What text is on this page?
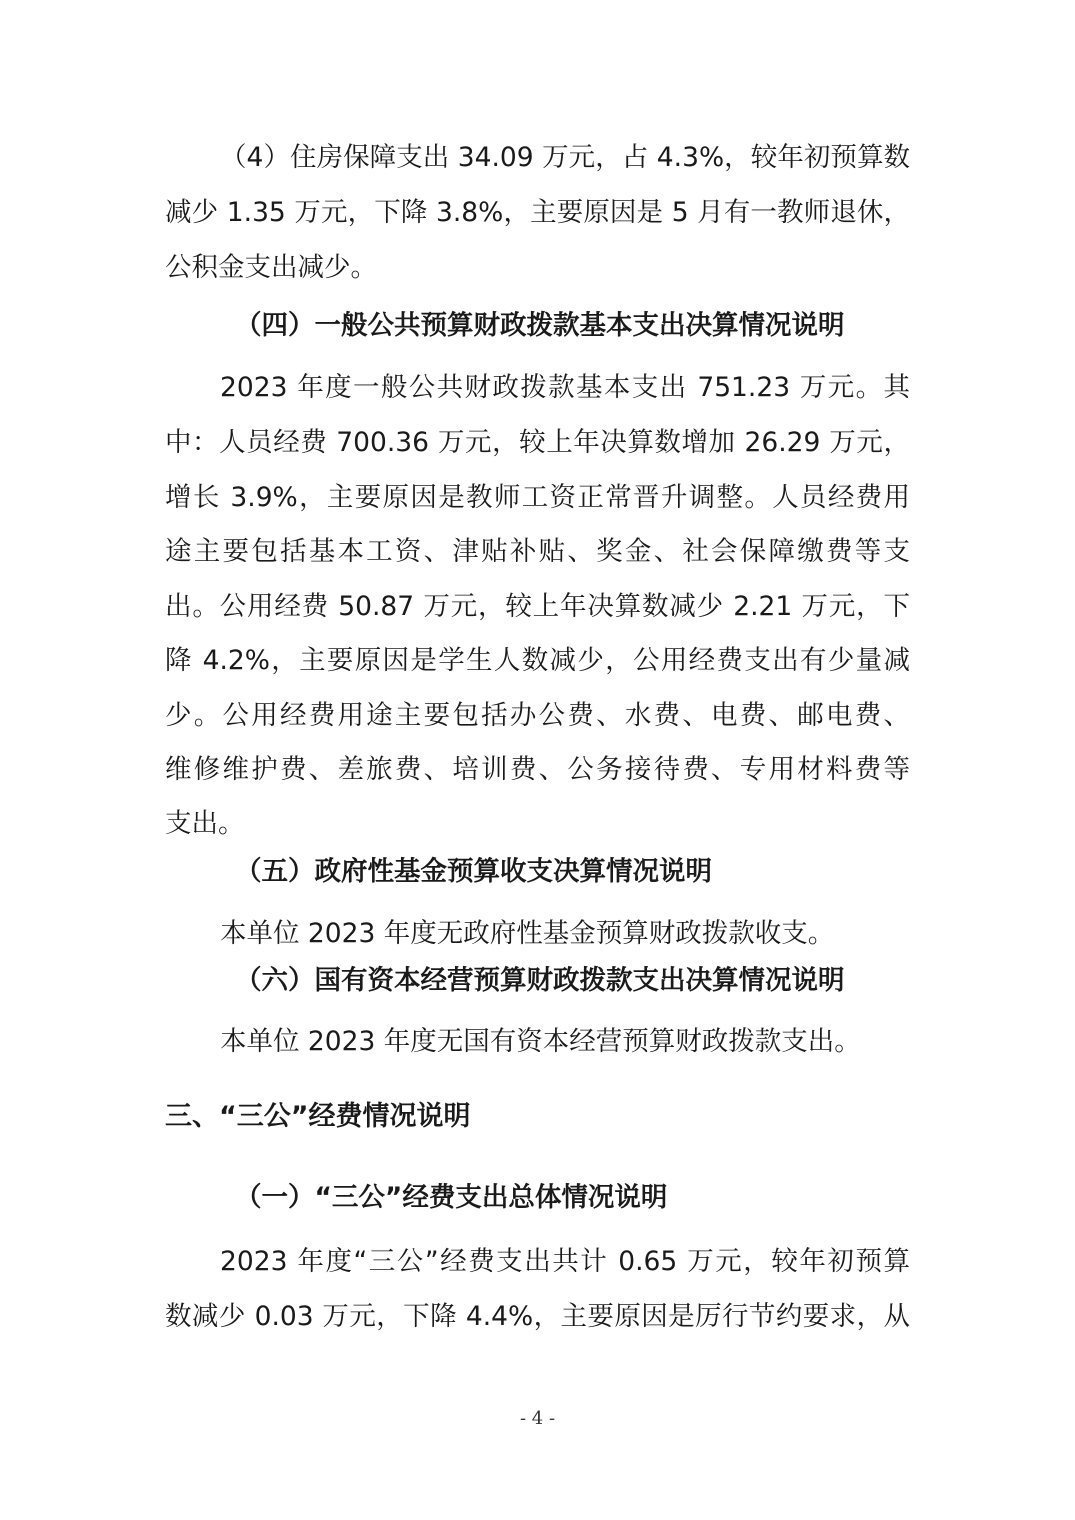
（4）住房保障支出 34.09 万元，占 4.3%，较年初预算数
减少 1.35 万元，下降 3.8%，主要原因是 5 月有一教师退休，
公积金支出减少。
（四）一般公共预算财政拨款基本支出决算情况说明
2023 年度一般公共财政拨款基本支出 751.23 万元。其
中：人员经费 700.36 万元，较上年决算数增加 26.29 万元，
增长 3.9%，主要原因是教师工资正常晋升调整。人员经费用
途主要包括基本工资、津贴补贴、奖金、社会保障缴费等支
出。公用经费 50.87 万元，较上年决算数减少 2.21 万元，下
降 4.2%，主要原因是学生人数减少，公用经费支出有少量减
少。公用经费用途主要包括办公费、水费、电费、邮电费、
维修维护费、差旅费、培训费、公务接待费、专用材料费等
支出。
（五）政府性基金预算收支决算情况说明
本单位 2023 年度无政府性基金预算财政拨款收支。
（六）国有资本经营预算财政拨款支出决算情况说明
本单位 2023 年度无国有资本经营预算财政拨款支出。
三、“三公”经费情况说明
（一）“三公”经费支出总体情况说明
2023 年度“三公”经费支出共计 0.65 万元，较年初预算
数减少 0.03 万元，下降 4.4%，主要原因是厉行节约要求，从
- 4 -
